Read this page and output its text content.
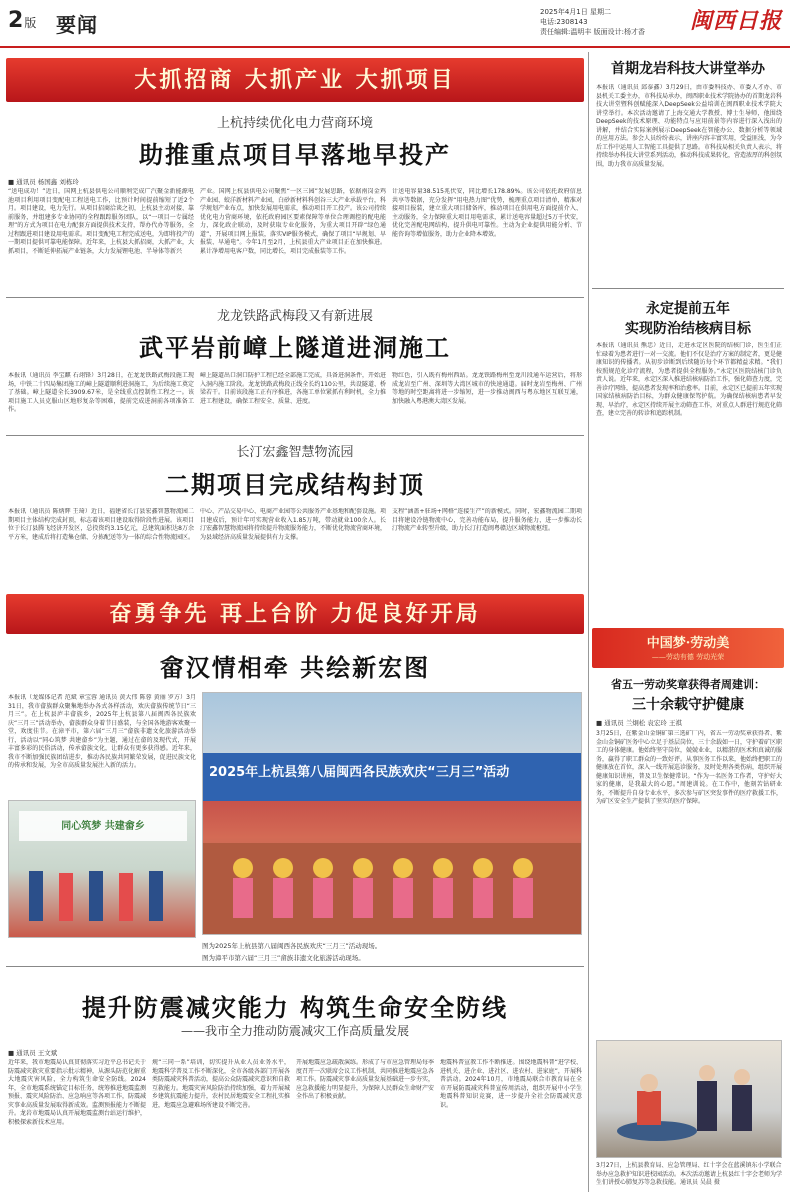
2版 要闻
2025年4月1日 星期二
电话:2308143
责任编辑:温明丰 版面设计:杨才香	闽西日报
大抓招商 大抓产业 大抓项目
上杭持续优化电力营商环境
助推重点项目早落地早投产
■ 通讯员 杨国鑫 刘栋玲
“送电成功！”近日，国网上杭县供电公司顺利完成广汽聚金新能源电池项目利用项目变配电工程送电工作，比预计时间提前缩短了近2个月。项目建设，电力先行。从项目招商洽谈之初，上杭县主动对接、靠前服务，并组建多专业协同的全程跟踪服务团队，以“一项目一专属经理”的方式为项目在电力配套方面提供技术支持，帮办代办等服务，全过程跟进项目建设用电需求。项目变配电工程完成送电，为即将投产的一期项目提供可靠电能保障。近年来，上杭县大抓招商，大抓产业，大抓项目，不断延伸拓展产业链条，大力发展锂电池、半导体等新兴
产业。国网上杭县供电公司聚焦“一区三园”发展思路，依据南岗金鸡产业园、蛟洋新材料产业园，白砂新材料科创谷三大产业承载平台，科学规划产业布点，加快发展用电需求，推动项目开工投产。该公司持续优化电力营商环境，依托政府园区要素保障等单位合理调控的配电能力，深化政企联动，及时获取专业化服务，为重大项目开辟“绿色通道”，开展项目网上报装，落实VIP服务模式，确保了项目“早规划、早报装、早通电”。今年1月至2月，上杭县重大产业项目正在加快推进。累计净增用电客户数，同比增长，项目完成报装等工作。
计送电容量38.515兆伏安，同比增长178.89%。该公司依托政府信息共享等数据，充分发挥“用电热力图”优势，梳理重点项目清单，精准对接项目报装，建立重大项目储备库，推动项目在供用电方面提前介入、主动服务，全力保障重大项目用电需求，累计送电容量超过5万千伏安，优化完善配电网结构，提升供电可靠性。主动为企业提供用能分析、节能咨询等增值服务，助力企业降本增效。
龙龙铁路武梅段又有新进展
武平岩前嶂上隧道进洞施工
本报讯（通讯员 李宝麒 石翊锋）3月28日，在龙龙铁路武梅段施工现场，中铁二十四局集团施工的嶂上隧道顺利进洞施工，为后续施工奠定了基础。嶂上隧道全长3909.67米，是全线重点控制性工程之一。该项目施工人员克服山区地形复杂等困难，提前完成进洞前各项准备工作。
嶂上隧道出口洞口防护工程已经全部施工完成，具备进洞条件，开始进入洞内施工阶段。龙龙铁路武梅段正线全长约110公里，共设隧道、桥梁若干。目前该段施工正有序推进，各施工单位紧抓有利时机，全力推进工程建设，确保工程安全、质量、进度。
物红色，引入既有梅州西站。龙龙铁路梅州至龙川段通车运营后，将形成龙岩至广州、深圳等大湾区城市的快速通道。届时龙岩至梅州、广州等地的时空距离将进一步缩短，进一步推动闽西与粤东地区互联互通，加快融入粤港澳大湾区发展。
长汀宏鑫智慧物流园
二期项目完成结构封顶
本报讯（通讯员 陈炳辉 王琦）近日，福建省长汀县宏鑫智慧物流园二期项目主体结构完成封顶，标志着该项目建设取得阶段性进展。该项目位于长汀县腾飞经济开发区，总投资约3.15亿元，总建筑面积达8万余平方米，建成后将打造集仓储、分拣配送等为一体的综合性物流园区。
中心、产品交易中心、电商产业园等公共服务产业基地和配套设施。项目建成后，预计年可实现营业收入1.85万吨，带动就业100余人。长汀宏鑫智慧物流园将持续提升物流服务能力，不断优化物流营商环境，为县域经济高质量发展提供有力支撑。
支程”涵盖+驻场+网格“连接生产”的新模式。同时，宏鑫物流园二期项目将建设冷链物流中心，完善功能布局，提升服务能力，进一步推动长汀物流产业转型升级，助力长汀打造闽粤赣边区域物流枢纽。
奋勇争先 再上台阶 力促良好开局
畲汉情相牵 共绘新宏图
本报讯（龙媒体记者 范斌 章宝蓉 通讯员 黄大伟 陈蓉 黄丽 罗方）3月31日，我市畲族群众聚集地举办各式各样活动，欢庆畲族传统节日“三月三”。在上杭县庐丰畲族乡，2025年上杭县第八届闽西各民族欢庆“三月三”活动举办，畲族群众身着节日盛装，与全国各地游客欢聚一堂，欢度佳节。在漳平市，第六届“三月三”畲族非遗文化旅游活动举行，活动以“同心筑梦 共建畲乡”为主题，通过在畲的及现代式，开展丰富多彩的民俗活动，传承畲族文化，让群众有更多获得感。近年来，我市不断加强民族团结进步，推动各民族共同繁荣发展，促进民族文化的传承和发展，为全市高质量发展注入新的活力。	2025年上杭县第八届闽西各民族欢庆“三月三”活动
同心筑梦 共建畲乡
图为2025年上杭县第八届闽西各民族欢庆“三月三”活动现场。
图为漳平市第六届“三月三”畲族非遗文化旅游活动现场。
提升防震减灾能力 构筑生命安全防线
——我市全力推动防震减灾工作高质量发展
■ 通讯员 王文斌
近年来，我市地震局认真贯彻落实习近平总书记关于防震减灾救灾重要指示批示精神，从源头防范化解重大地震灾害风险，全力构筑生命安全防线。2024年，全市地震系统锚定目标任务，统筹推进地震监测预报、震灾风险防治、应急响应等各项工作，防震减灾事业高质量发展取得新成效。监测预报能力不断提升。龙岩市地震局认真开展地震监测台站运行维护，积极探索新技术应用。
规“三同一系”培训，切实提升从业人员业务水平，地震科学普及工作不断深化，全市各级各部门开展各类防震减灾科普活动，提高公众防震减灾意识和自救互救能力。地震灾害风险防治持续加强，着力开展城乡建筑抗震能力提升，农村民居地震安全工程扎实推进，地震应急避难场所建设不断完善。
开展地震应急疏散演练。形成了与市应急管理局每季度召开一次联席会议工作机制，共同推进地震应急各项工作。防震减灾事业高质量发展基础进一步夯实，应急救援能力明显提升，为保障人民群众生命财产安全作出了积极贡献。
地震科普宣教工作不断推进。围绕地震科普“进学校、进机关、进企业、进社区、进农村、进家庭”，开展科普活动。2024年10月，市地震局联合市教育局在全市开展防震减灾科普宣传周活动，组织开展中小学生地震科普知识竞赛，进一步提升全社会防震减灾意识。
首期龙岩科技大讲堂举办
本报讯（通讯员 邱泰鑫）3月29日，由市委科技办、市委人才办、市县机关工委主办，市科技局承办，闽西职业技术学院协办的首期龙岩科技大讲堂暨科创赋能深入DeepSeek公益培训在闽西职业技术学院大讲堂举行。本次活动邀请了上海交通大学教授、博士生导师，他围绕DeepSeek的技术原理、功能特点与应用前景等内容进行深入浅出的讲解，并结合实际案例展示DeepSeek在智能办公、数据分析等领域的应用方法。参会人员纷纷表示，讲座内容丰富实用，受益匪浅，为今后工作中运用人工智能工具提供了思路。市科技局相关负责人表示，将持续举办科技大讲堂系列活动，推动科技成果转化，营造浓厚的科创氛围，助力我市高质量发展。
永定提前五年
实现防治结核病目标
本报讯（通讯员 熊忠）近日，走进永定区医院的结核门诊，医生们正忙碌着为患者进行一对一交流。他们不仅是治疗方案的制定者，更是健康知识的传播者。从初步诊断到后续随访每个环节都精益求精。“我们按照规范化诊疗流程，为患者提供全程服务。”永定区医院结核门诊负责人说。近年来，永定区深入推进结核病防治工作，强化筛查力度，完善诊疗网络，提高患者发现率和治愈率。目前，永定区已提前五年实现国家结核病防治目标，为群众健康保驾护航。为确保结核病患者早发现、早治疗，永定区持续开展主动筛查工作，对重点人群进行规范化筛查，建立完善的转诊和追踪机制。
中国梦·劳动美
——劳动有德 劳动光荣
省五一劳动奖章获得者周建训：
三十余载守护健康
■ 通讯员 兰炯松 袁宏玲 王祺
3月25日，在紫金山金铜矿第三选矿厂内，省五一劳动奖章获得者、紫金山金铜矿医务中心立足于基层岗位，三十余载如一日，守护着矿区职工的身体健康。他始终坚守岗位，兢兢业业，以精湛的医术和真诚的服务，赢得了职工群众的一致好评。从事医务工作以来，他始终把职工的健康放在首位，深入一线开展巡诊服务，及时处理各类伤病，组织开展健康知识讲座，普及卫生保健常识。“作为一名医务工作者，守护好大家的健康，是我最大的心愿。”周建训说。在工作中，他刻苦钻研业务，不断提升自身专业水平，多次参与矿区突发事件的医疗救援工作，为矿区安全生产提供了坚实的医疗保障。
3月27日，上杭县教育局、应急管理局、红十字会在蓝溪镇东小学联合举办应急救护知识进校园活动。本次活动邀请上杭县红十字会老师为学生们讲授心肺复苏等急救技能。通讯员 吴晨 摄
